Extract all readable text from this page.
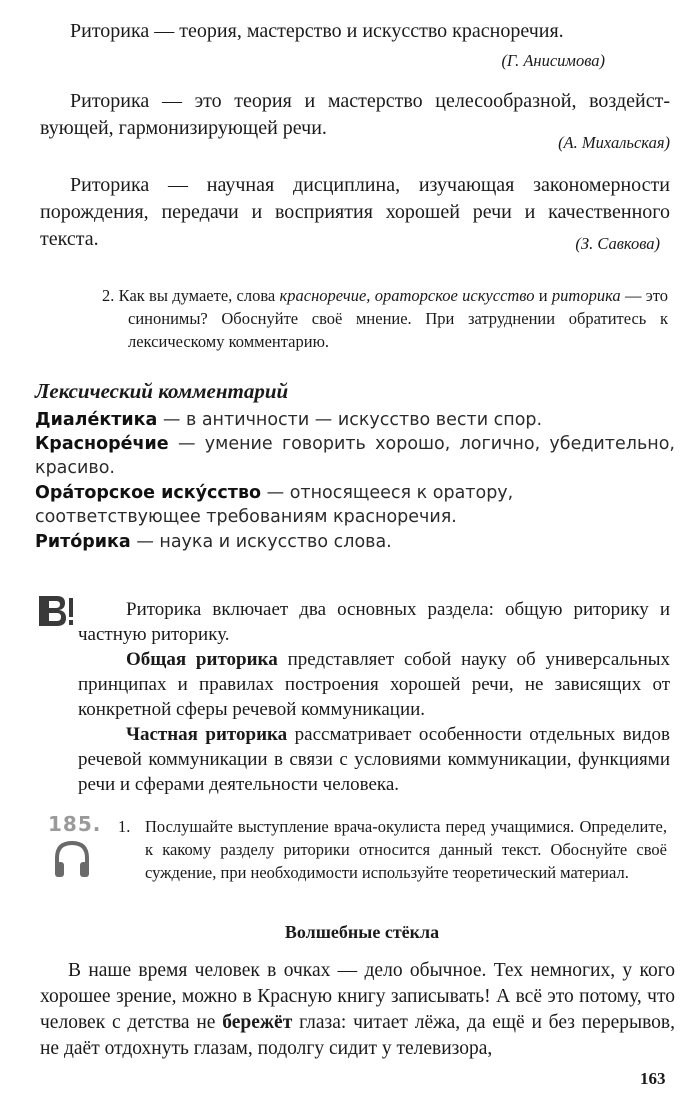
Риторика — теория, мастерство и искусство красноречия.

(Г. Анисимова)

Риторика — это теория и мастерство целесообразной, воздействующей, гармонизирующей речи.

(А. Михальская)

Риторика — научная дисциплина, изучающая закономерности порождения, передачи и восприятия хорошей речи и качественного текста.	(З. Савкова)

2. Как вы думаете, слова красноречие, ораторское искусство и риторика — это синонимы? Обоснуйте своё мнение. При затруднении обратитесь к лексическому комментарию.

Лексический комментарий

Диале́ктика — в античности — искусство вести спор.

Красноре́чие — умение говорить хорошо, логично, убедительно, красиво.

Ора́торское иску́сство — относящееся к оратору, соответствующее требованиям красноречия.

Рито́рика — наука и искусство слова.

Риторика включает два основных раздела: общую риторику и частную риторику.

Общая риторика представляет собой науку об универсальных принципах и правилах построения хорошей речи, не зависящих от конкретной сферы речевой коммуникации.

Частная риторика рассматривает особенности отдельных видов речевой коммуникации в связи с условиями коммуникации, функциями речи и сферами деятельности человека.

185. 1. Послушайте выступление врача-окулиста перед учащимися. Определите, к какому разделу риторики относится данный текст. Обоснуйте своё суждение, при необходимости используйте теоретический материал.

Волшебные стёкла

В наше время человек в очках — дело обычное. Тех немногих, у кого хорошее зрение, можно в Красную книгу записывать! А всё это потому, что человек с детства не бережёт глаза: читает лёжа, да ещё и без перерывов, не даёт отдохнуть глазам, подолгу сидит у телевизора,

163
